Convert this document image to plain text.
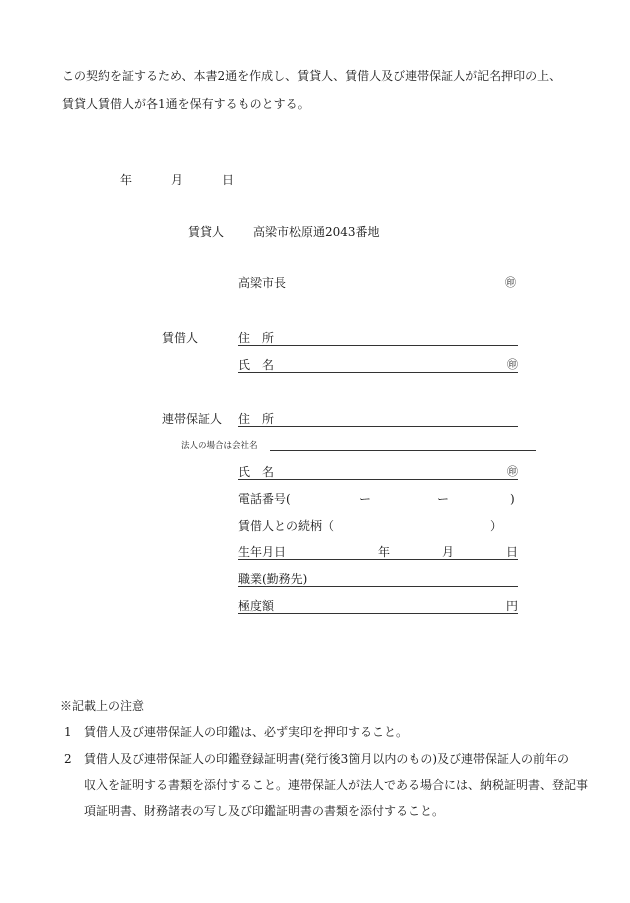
この契約を証するため、本書2通を作成し、賃貸人、賃借人及び連帯保証人が記名押印の上、
賃貸人賃借人が各1通を保有するものとする。
年	月	日
賃貸人 高梁市松原通2043番地
高梁市長	㊞
賃借人	住　所
氏　名	㊞
連帯保証人 住　所
法人の場合は会社名
氏　名	㊞
電話番号(	ー	ー	)
賃借人との続柄（	）
生年月日	年	月	日
職業(勤務先)
極度額	円
※記載上の注意
1 賃借人及び連帯保証人の印鑑は、必ず実印を押印すること。
2 賃借人及び連帯保証人の印鑑登録証明書(発行後3箇月以内のもの)及び連帯保証人の前年の
収入を証明する書類を添付すること。連帯保証人が法人である場合には、納税証明書、登記事
項証明書、財務諸表の写し及び印鑑証明書の書類を添付すること。
